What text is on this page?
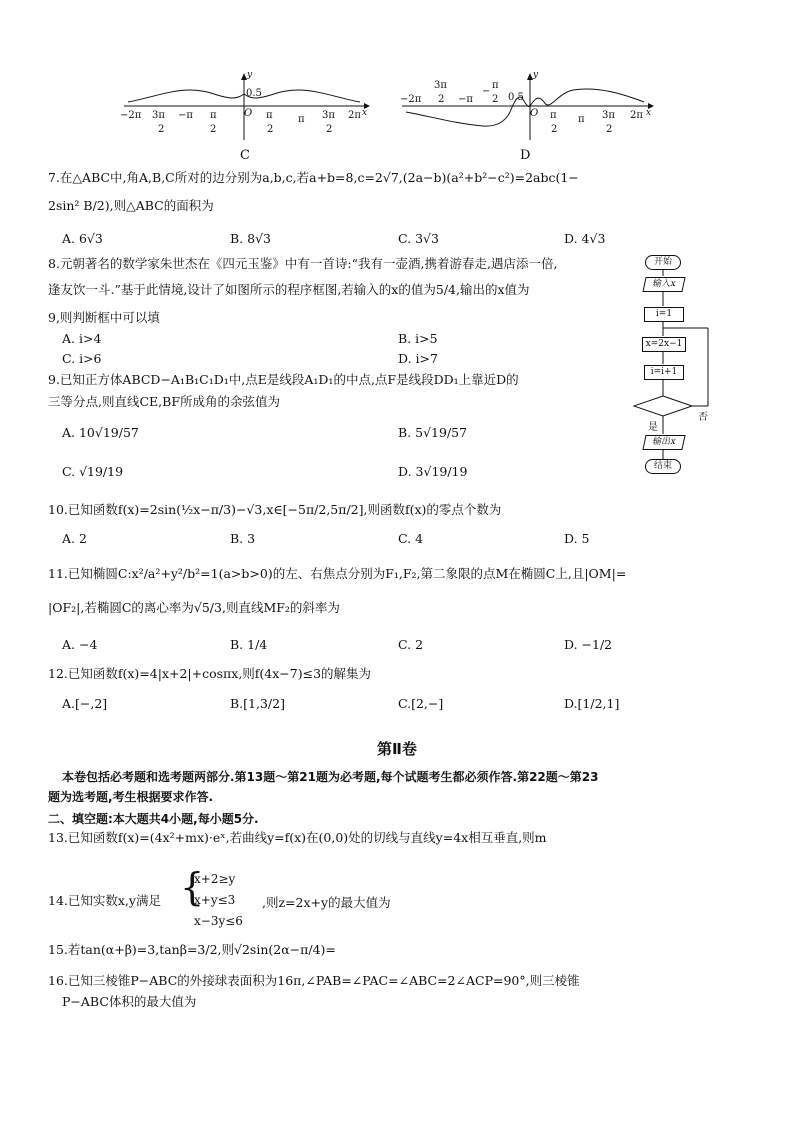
y
x
0.5
−2π 3π
2
−π π
2
O π
2
π 3π
2
2π
C
y
x
0.5
3π
2
−
π
2
−2π	−π
O π
2
π 3π
2
2π
D
7.在△ABC中,角A,B,C所对的边分别为a,b,c,若a+b=8,c=2√7,(2a−b)(a²+b²−c²)=2abc(1−
2sin² B/2),则△ABC的面积为
A. 6√3	B. 8√3	C. 3√3	D. 4√3
8.元朝著名的数学家朱世杰在《四元玉鉴》中有一首诗:“我有一壶酒,携着游春走,遇店添一倍,
逢友饮一斗.”基于此情境,设计了如图所示的程序框图,若输入的x的值为5/4,输出的x值为
9,则判断框中可以填
A. i>4	B. i>5
C. i>6	D. i>7
开始
输入x
i=1
x=2x−1
i=i+1
否
是
输出x
结束
9.已知正方体ABCD−A₁B₁C₁D₁中,点E是线段A₁D₁的中点,点F是线段DD₁上靠近D的
三等分点,则直线CE,BF所成角的余弦值为
A. 10√19/57	B. 5√19/57
C. √19/19	D. 3√19/19
10.已知函数f(x)=2sin(½x−π/3)−√3,x∈[−5π/2,5π/2],则函数f(x)的零点个数为
A. 2	B. 3	C. 4	D. 5
11.已知椭圆C:x²/a²+y²/b²=1(a>b>0)的左、右焦点分别为F₁,F₂,第二象限的点M在椭圆C上,且|OM|=
|OF₂|,若椭圆C的离心率为√5/3,则直线MF₂的斜率为
A. −4	B. 1/4	C. 2	D. −1/2
12.已知函数f(x)=4|x+2|+cosπx,则f(4x−7)≤3的解集为
A.[−,2]	B.[1,3/2]	C.[2,−]	D.[1/2,1]
第Ⅱ卷
本卷包括必考题和选考题两部分.第13题～第21题为必考题,每个试题考生都必须作答.第22题～第23
题为选考题,考生根据要求作答.
二、填空题:本大题共4小题,每小题5分.
13.已知函数f(x)=(4x²+mx)·eˣ,若曲线y=f(x)在(0,0)处的切线与直线y=4x相互垂直,则m
14.已知实数x,y满足 {
x+2≥y
x+y≤3
x−3y≤6
,则z=2x+y的最大值为
15.若tan(α+β)=3,tanβ=3/2,则√2sin(2α−π/4)=
16.已知三棱锥P−ABC的外接球表面积为16π,∠PAB=∠PAC=∠ABC=2∠ACP=90°,则三棱锥
P−ABC体积的最大值为
